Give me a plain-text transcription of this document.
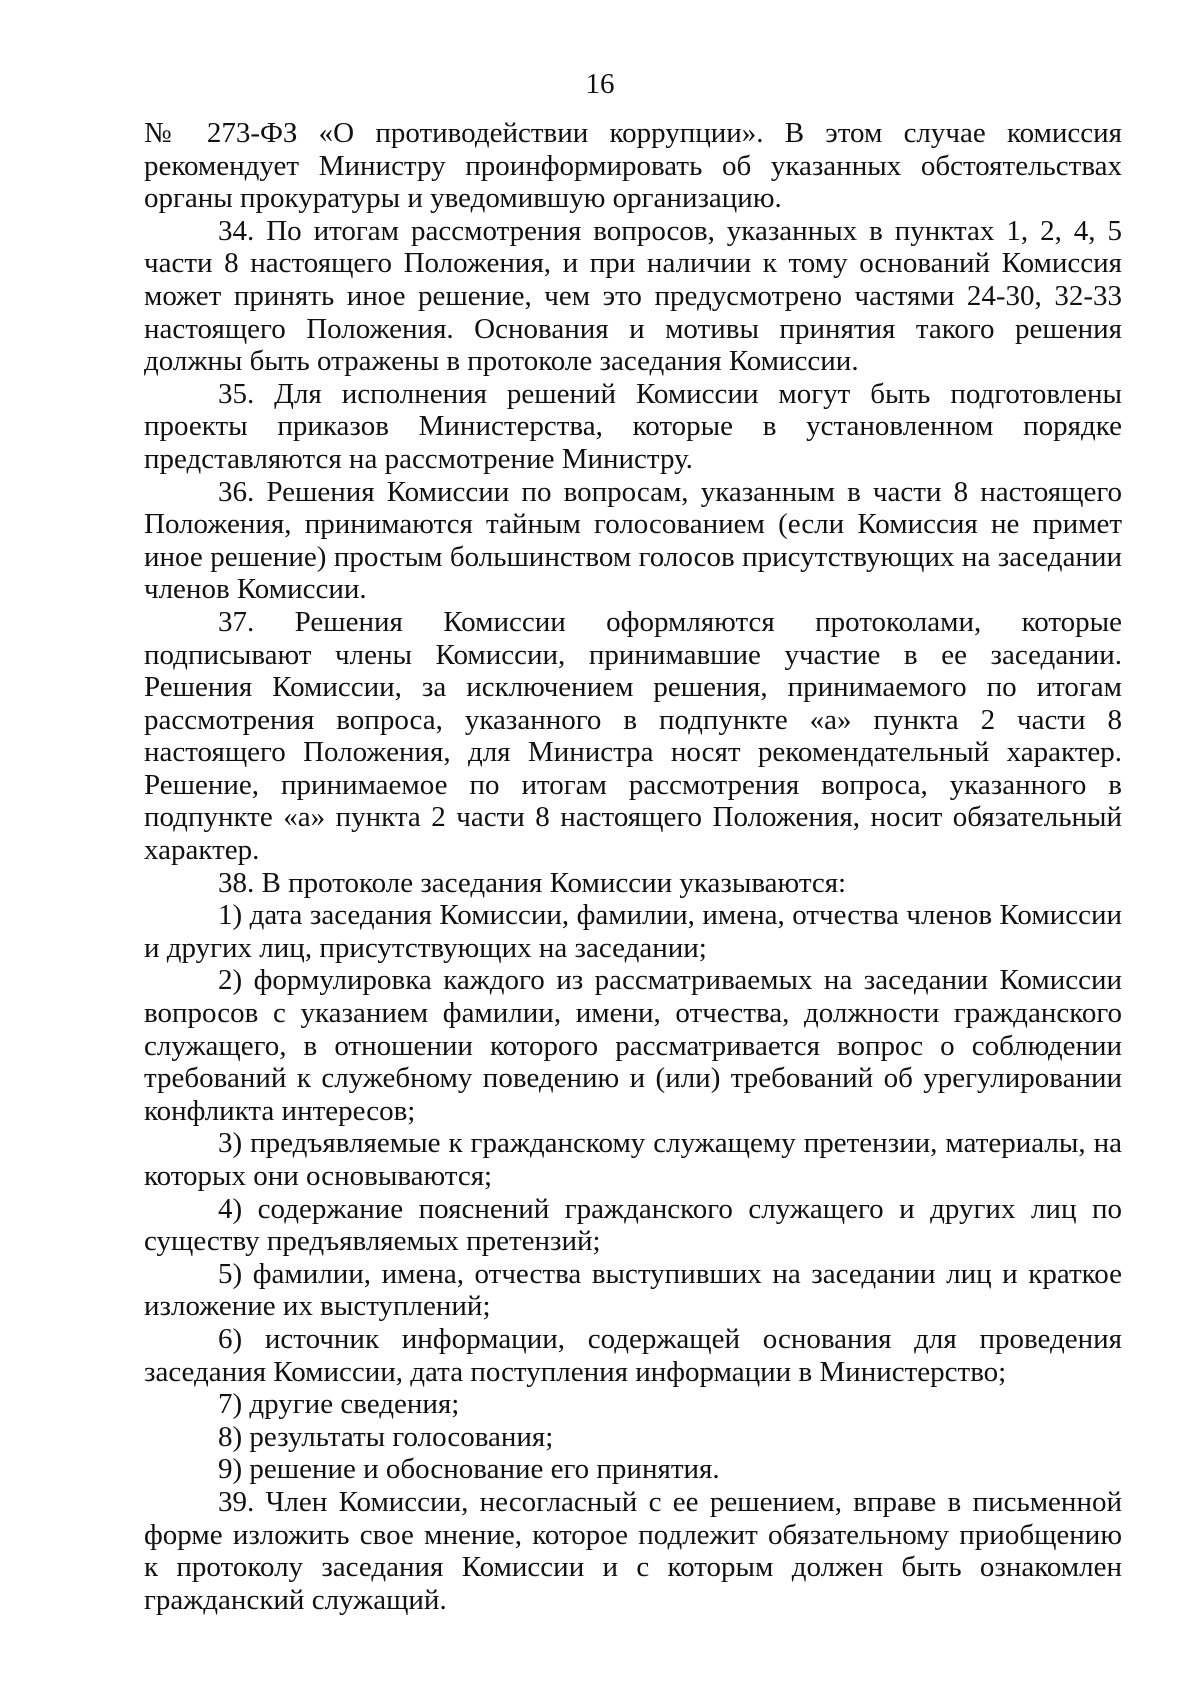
16

№ 273-ФЗ «О противодействии коррупции». В этом случае комиссия рекомендует Министру проинформировать об указанных обстоятельствах органы прокуратуры и уведомившую организацию.

34. По итогам рассмотрения вопросов, указанных в пунктах 1, 2, 4, 5 части 8 настоящего Положения, и при наличии к тому оснований Комиссия может принять иное решение, чем это предусмотрено частями 24-30, 32-33 настоящего Положения. Основания и мотивы принятия такого решения должны быть отражены в протоколе заседания Комиссии.

35. Для исполнения решений Комиссии могут быть подготовлены проекты приказов Министерства, которые в установленном порядке представляются на рассмотрение Министру.

36. Решения Комиссии по вопросам, указанным в части 8 настоящего Положения, принимаются тайным голосованием (если Комиссия не примет иное решение) простым большинством голосов присутствующих на заседании членов Комиссии.

37. Решения Комиссии оформляются протоколами, которые подписывают члены Комиссии, принимавшие участие в ее заседании. Решения Комиссии, за исключением решения, принимаемого по итогам рассмотрения вопроса, указанного в подпункте «а» пункта 2 части 8 настоящего Положения, для Министра носят рекомендательный характер. Решение, принимаемое по итогам рассмотрения вопроса, указанного в подпункте «а» пункта 2 части 8 настоящего Положения, носит обязательный характер.

38. В протоколе заседания Комиссии указываются:

1) дата заседания Комиссии, фамилии, имена, отчества членов Комиссии и других лиц, присутствующих на заседании;

2) формулировка каждого из рассматриваемых на заседании Комиссии вопросов с указанием фамилии, имени, отчества, должности гражданского служащего, в отношении которого рассматривается вопрос о соблюдении требований к служебному поведению и (или) требований об урегулировании конфликта интересов;

3) предъявляемые к гражданскому служащему претензии, материалы, на которых они основываются;

4) содержание пояснений гражданского служащего и других лиц по существу предъявляемых претензий;

5) фамилии, имена, отчества выступивших на заседании лиц и краткое изложение их выступлений;

6) источник информации, содержащей основания для проведения заседания Комиссии, дата поступления информации в Министерство;

7) другие сведения;

8) результаты голосования;

9) решение и обоснование его принятия.

39. Член Комиссии, несогласный с ее решением, вправе в письменной форме изложить свое мнение, которое подлежит обязательному приобщению к протоколу заседания Комиссии и с которым должен быть ознакомлен гражданский служащий.
